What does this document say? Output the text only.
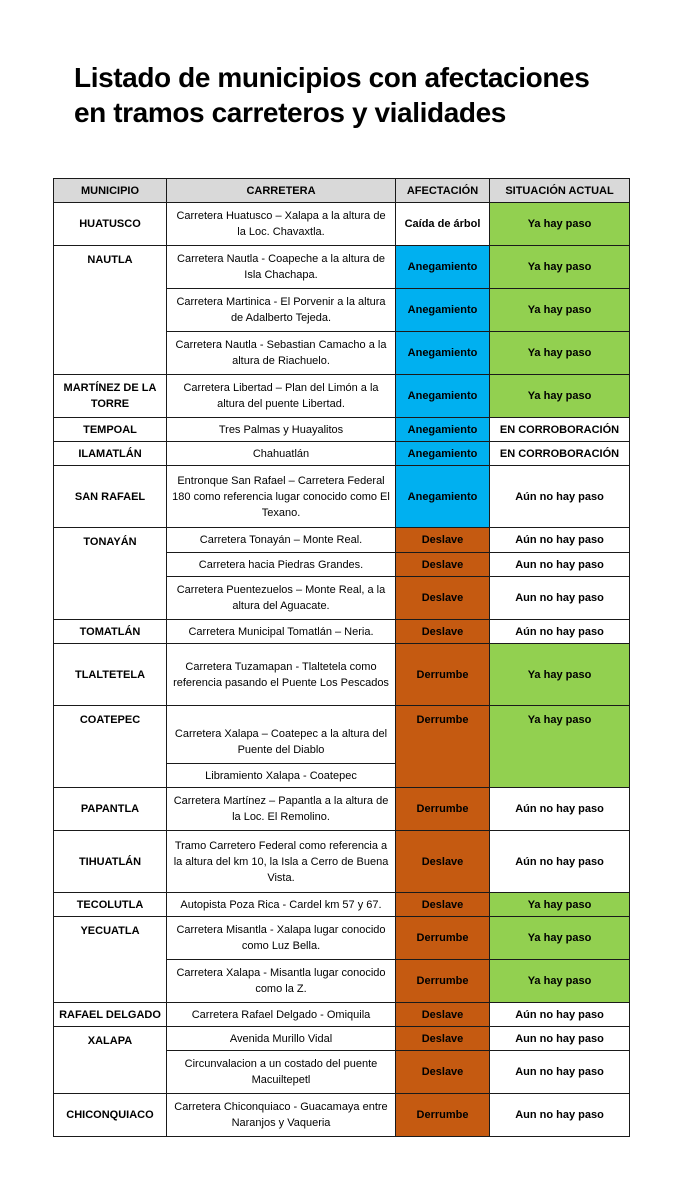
Listado de municipios con afectaciones
en tramos carreteros y vialidades
MUNICIPIO	CARRETERA	AFECTACIÓN	SITUACIÓN ACTUAL
HUATUSCO	Carretera Huatusco – Xalapa a la altura de la Loc. Chavaxtla.	Caída de árbol	Ya hay paso
NAUTLA	Carretera Nautla - Coapeche a la altura de Isla Chachapa.	Anegamiento	Ya hay paso
	Carretera Martinica - El Porvenir a la altura de Adalberto Tejeda.	Anegamiento	Ya hay paso
	Carretera Nautla - Sebastian Camacho a la altura de Riachuelo.	Anegamiento	Ya hay paso
MARTÍNEZ DE LA TORRE	Carretera Libertad – Plan del Limón a la altura del puente Libertad.	Anegamiento	Ya hay paso
TEMPOAL	Tres Palmas y Huayalitos	Anegamiento	EN CORROBORACIÓN
ILAMATLÁN	Chahuatlán	Anegamiento	EN CORROBORACIÓN
SAN RAFAEL	Entronque San Rafael – Carretera Federal 180 como referencia lugar conocido como El Texano.	Anegamiento	Aún no hay paso
TONAYÁN	Carretera Tonayán – Monte Real.	Deslave	Aún no hay paso
	Carretera hacia Piedras Grandes.	Deslave	Aun no hay paso
	Carretera Puentezuelos – Monte Real, a la altura del Aguacate.	Deslave	Aun no hay paso
TOMATLÁN	Carretera Municipal Tomatlán – Neria.	Deslave	Aún no hay paso
TLALTETELA	Carretera Tuzamapan - Tlaltetela como referencia pasando el Puente Los Pescados	Derrumbe	Ya hay paso
COATEPEC	Carretera Xalapa – Coatepec a la altura del Puente del Diablo	Derrumbe	Ya hay paso
	Libramiento Xalapa - Coatepec		
PAPANTLA	Carretera Martínez – Papantla a la altura de la Loc. El Remolino.	Derrumbe	Aún no hay paso
TIHUATLÁN	Tramo Carretero Federal como referencia a la altura del km 10, la Isla a Cerro de Buena Vista.	Deslave	Aún no hay paso
TECOLUTLA	Autopista Poza Rica - Cardel km 57 y 67.	Deslave	Ya hay paso
YECUATLA	Carretera Misantla - Xalapa lugar conocido como Luz Bella.	Derrumbe	Ya hay paso
	Carretera Xalapa - Misantla lugar conocido como la Z.	Derrumbe	Ya hay paso
RAFAEL DELGADO	Carretera Rafael Delgado - Omiquila	Deslave	Aún no hay paso
XALAPA	Avenida Murillo Vidal	Deslave	Aun no hay paso
	Circunvalacion a un costado del puente Macuiltepetl	Deslave	Aun no hay paso
CHICONQUIACO	Carretera Chiconquiaco - Guacamaya entre Naranjos y Vaqueria	Derrumbe	Aun no hay paso
